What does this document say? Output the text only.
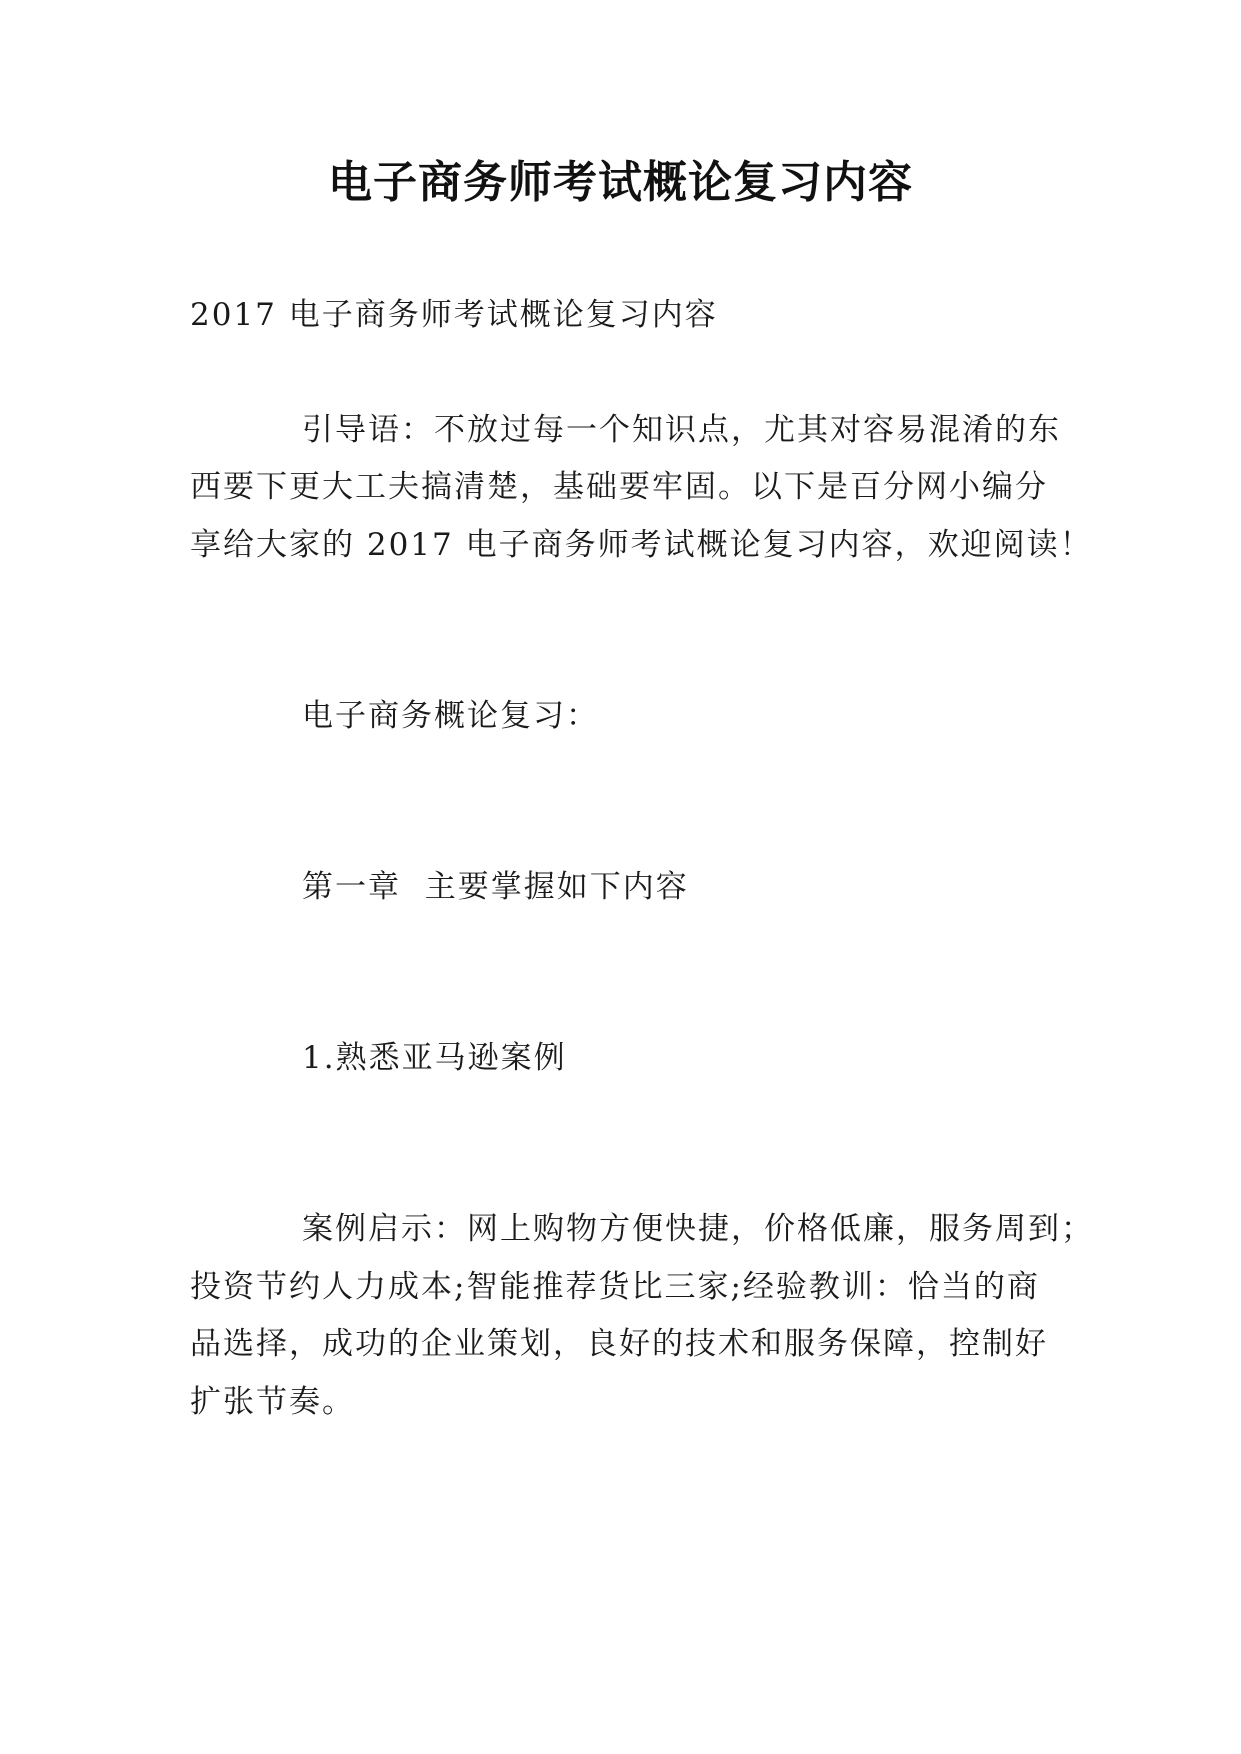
电子商务师考试概论复习内容
2017 电子商务师考试概论复习内容
引导语：不放过每一个知识点，尤其对容易混淆的东
西要下更大工夫搞清楚，基础要牢固。以下是百分网小编分
享给大家的 2017 电子商务师考试概论复习内容，欢迎阅读！
电子商务概论复习：
第一章  主要掌握如下内容
1.熟悉亚马逊案例
案例启示：网上购物方便快捷，价格低廉，服务周到；
投资节约人力成本;智能推荐货比三家;经验教训：恰当的商
品选择，成功的企业策划，良好的技术和服务保障，控制好
扩张节奏。
